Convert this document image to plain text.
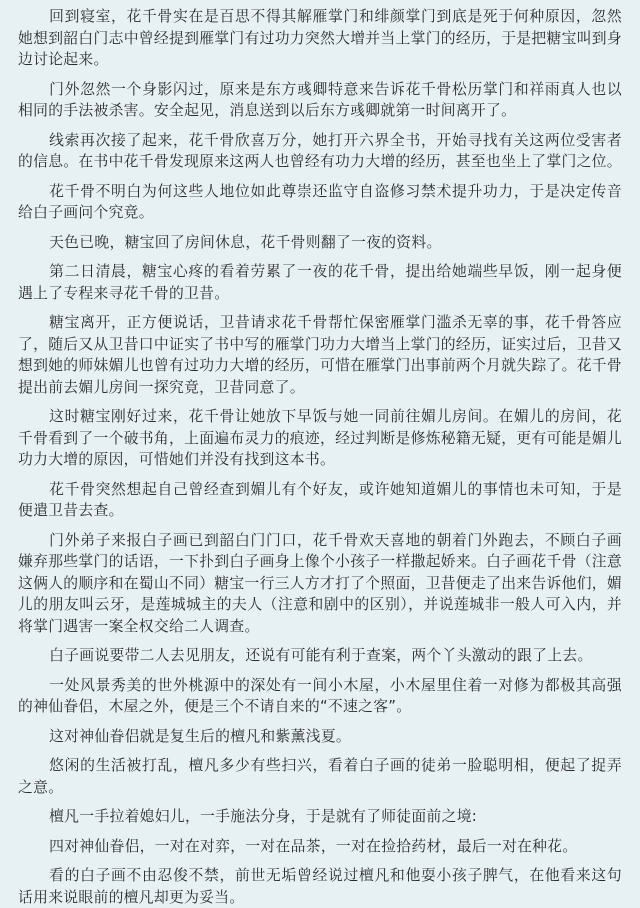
回到寝室，花千骨实在是百思不得其解雁掌门和绯颜掌门到底是死于何种原因，忽然她想到韶白门志中曾经提到雁掌门有过功力突然大增并当上掌门的经历，于是把糖宝叫到身边讨论起来。

门外忽然一个身影闪过，原来是东方彧卿特意来告诉花千骨松历掌门和祥雨真人也以相同的手法被杀害。安全起见，消息送到以后东方彧卿就第一时间离开了。

线索再次接了起来，花千骨欣喜万分，她打开六界全书，开始寻找有关这两位受害者的信息。在书中花千骨发现原来这两人也曾经有功力大增的经历，甚至也坐上了掌门之位。

花千骨不明白为何这些人地位如此尊崇还监守自盗修习禁术提升功力，于是决定传音给白子画问个究竟。

天色已晚，糖宝回了房间休息，花千骨则翻了一夜的资料。

第二日清晨，糖宝心疼的看着劳累了一夜的花千骨，提出给她端些早饭，刚一起身便遇上了专程来寻花千骨的卫昔。

糖宝离开，正方便说话，卫昔请求花千骨帮忙保密雁掌门滥杀无辜的事，花千骨答应了，随后又从卫昔口中证实了书中写的雁掌门功力大增当上掌门的经历，证实过后，卫昔又想到她的师妹媚儿也曾有过功力大增的经历，可惜在雁掌门出事前两个月就失踪了。花千骨提出前去媚儿房间一探究竟，卫昔同意了。

这时糖宝刚好过来，花千骨让她放下早饭与她一同前往媚儿房间。在媚儿的房间，花千骨看到了一个破书角，上面遍布灵力的痕迹，经过判断是修炼秘籍无疑，更有可能是媚儿功力大增的原因，可惜她们并没有找到这本书。

花千骨突然想起自己曾经查到媚儿有个好友，或许她知道媚儿的事情也未可知，于是便遣卫昔去查。

门外弟子来报白子画已到韶白门门口，花千骨欢天喜地的朝着门外跑去，不顾白子画嫌弃那些掌门的话语，一下扑到白子画身上像个小孩子一样撒起娇来。白子画花千骨（注意这俩人的顺序和在蜀山不同）糖宝一行三人方才打了个照面，卫昔便走了出来告诉他们，媚儿的朋友叫云牙，是莲城城主的夫人（注意和剧中的区别），并说莲城非一般人可入内，并将掌门遇害一案全权交给二人调查。

白子画说要带二人去见朋友，还说有可能有利于查案，两个丫头激动的跟了上去。

一处风景秀美的世外桃源中的深处有一间小木屋，小木屋里住着一对修为都极其高强的神仙眷侣，木屋之外，便是三个不请自来的“不速之客”。

这对神仙眷侣就是复生后的檀凡和紫薰浅夏。

悠闲的生活被打乱，檀凡多少有些扫兴，看着白子画的徒弟一脸聪明相，便起了捉弄之意。

檀凡一手拉着媳妇儿，一手施法分身，于是就有了师徒面前之境:

四对神仙眷侣，一对在对弈，一对在品茶，一对在捡拾药材，最后一对在种花。

看的白子画不由忍俊不禁，前世无垢曾经说过檀凡和他耍小孩子脾气，在他看来这句话用来说眼前的檀凡却更为妥当。
